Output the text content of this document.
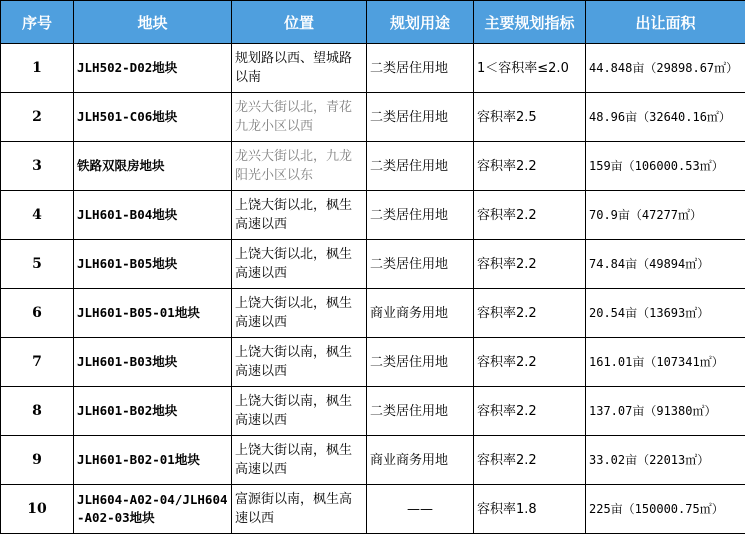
序号	地块	位置	规划用途	主要规划指标	出让面积
1	JLH502-D02地块	规划路以西、望城路以南	二类居住用地	1＜容积率≤2.0	44.848亩（29898.67㎡）
2	JLH501-C06地块	龙兴大街以北，青花九龙小区以西	二类居住用地	容积率2.5	48.96亩（32640.16㎡）
3	铁路双限房地块	龙兴大街以北，九龙阳光小区以东	二类居住用地	容积率2.2	159亩（106000.53㎡）
4	JLH601-B04地块	上饶大街以北，枫生高速以西	二类居住用地	容积率2.2	70.9亩（47277㎡）
5	JLH601-B05地块	上饶大街以北，枫生高速以西	二类居住用地	容积率2.2	74.84亩（49894㎡）
6	JLH601-B05-01地块	上饶大街以北，枫生高速以西	商业商务用地	容积率2.2	20.54亩（13693㎡）
7	JLH601-B03地块	上饶大街以南，枫生高速以西	二类居住用地	容积率2.2	161.01亩（107341㎡）
8	JLH601-B02地块	上饶大街以南，枫生高速以西	二类居住用地	容积率2.2	137.07亩（91380㎡）
9	JLH601-B02-01地块	上饶大街以南，枫生高速以西	商业商务用地	容积率2.2	33.02亩（22013㎡）
10	JLH604-A02-04/JLH604-A02-03地块	富源街以南，枫生高速以西	——	容积率1.8	225亩（150000.75㎡）
